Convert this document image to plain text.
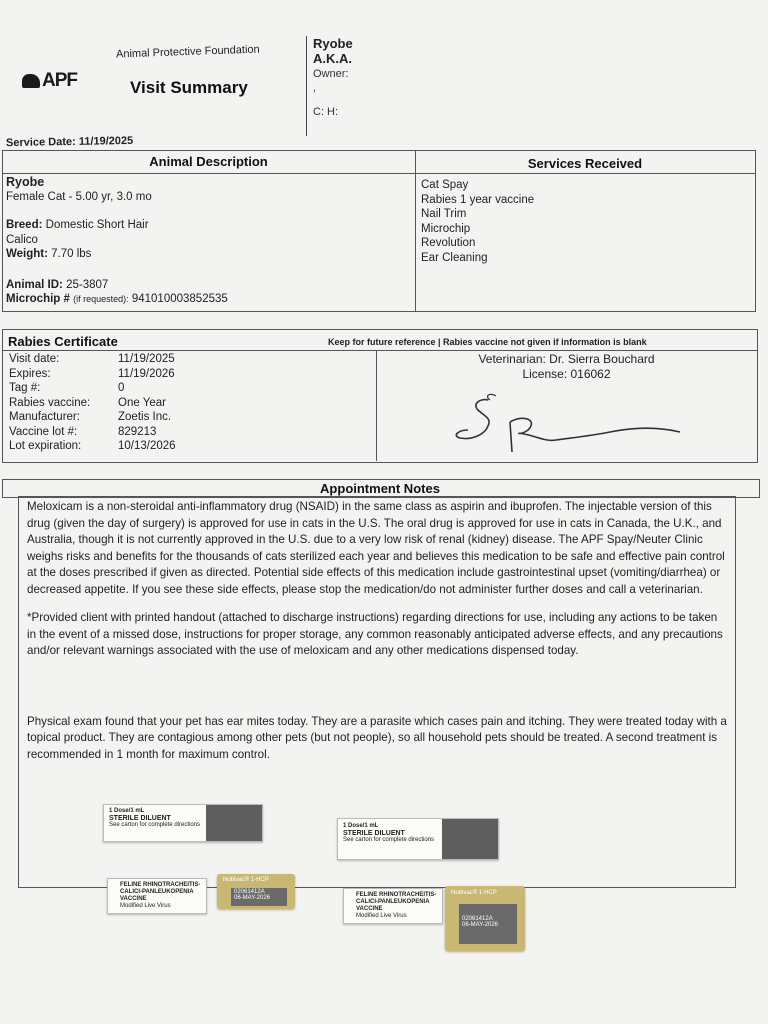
APF
Animal Protective Foundation
Visit Summary
Ryobe
A.K.A.
Owner:
,
C: H:
Service Date: 11/19/2025
Animal Description	Services Received
Ryobe
Female Cat - 5.00 yr, 3.0 mo
Breed: Domestic Short Hair
Calico
Weight: 7.70 lbs
Animal ID: 25-3807
Microchip # (if requested): 941010003852535
Cat Spay
Rabies 1 year vaccine
Nail Trim
Microchip
Revolution
Ear Cleaning
Rabies Certificate	Keep for future reference | Rabies vaccine not given if information is blank
Visit date:
Expires:
Tag #:
Rabies vaccine:
Manufacturer:
Vaccine lot #:
Lot expiration:
11/19/2025
11/19/2026
0
One Year
Zoetis Inc.
829213
10/13/2026
Veterinarian: Dr. Sierra Bouchard
License: 016062
Appointment Notes

Meloxicam is a non-steroidal anti-inflammatory drug (NSAID) in the same class as aspirin and ibuprofen. The injectable version of this drug (given the day of surgery) is approved for use in cats in the U.S. The oral drug is approved for use in cats in Canada, the U.K., and Australia, though it is not currently approved in the U.S. due to a very low risk of renal (kidney) disease. The APF Spay/Neuter Clinic weighs risks and benefits for the thousands of cats sterilized each year and believes this medication to be safe and effective pain control at the doses prescribed if given as directed. Potential side effects of this medication include gastrointestinal upset (vomiting/diarrhea) or decreased appetite. If you see these side effects, please stop the medication/do not administer further doses and call a veterinarian.

*Provided client with printed handout (attached to discharge instructions) regarding directions for use, including any actions to be taken in the event of a missed dose, instructions for proper storage, any common reasonably anticipated adverse effects, and any precautions and/or relevant warnings associated with the use of meloxicam and any other medications dispensed today.

Physical exam found that your pet has ear mites today. They are a parasite which cases pain and itching. They were treated today with a topical product. They are contagious among other pets (but not people), so all household pets should be treated. A second treatment is recommended in 1 month for maximum control.

1 Dose/1 mL
STERILE DILUENT
See carton for complete directions
FELINE RHINOTRACHEITIS-CALICI-PANLEUKOPENIA VACCINE
Modified Live Virus
Nobivac® 1-HCP
02061412A
06-MAY-2026
1 Dose/1 mL
STERILE DILUENT
See carton for complete directions
FELINE RHINOTRACHEITIS-CALICI-PANLEUKOPENIA VACCINE
Modified Live Virus
Nobivac® 1-HCP
02061412A
06-MAY-2026
